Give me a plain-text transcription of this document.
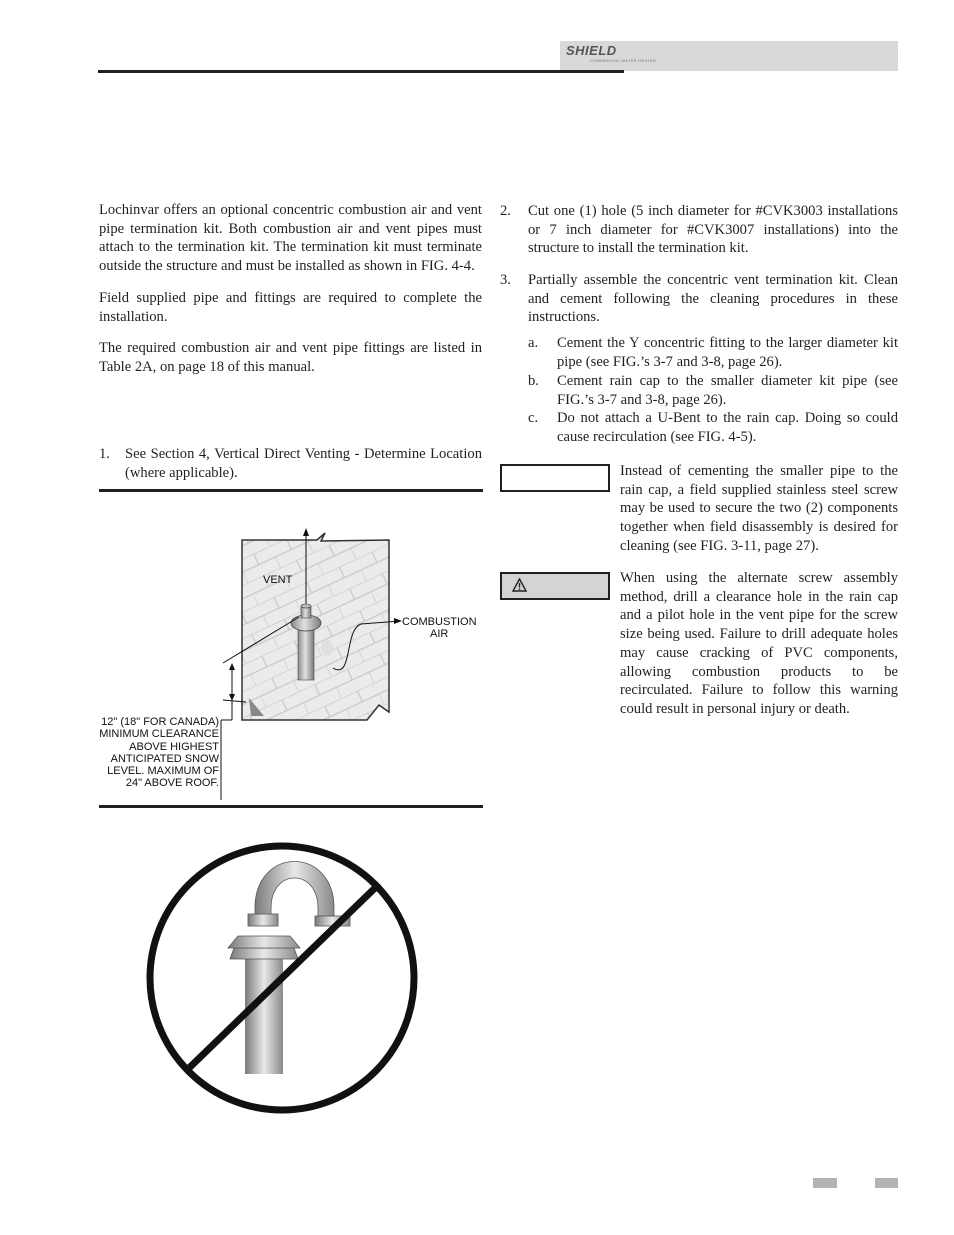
SHIELD
COMMERCIAL WATER HEATER

Lochinvar offers an optional concentric combustion air and vent pipe termination kit. Both combustion air and vent pipes must attach to the termination kit. The termination kit must terminate outside the structure and must be installed as shown in FIG. 4-4.

Field supplied pipe and fittings are required to complete the installation.

The required combustion air and vent pipe fittings are listed in Table 2A, on page 18 of this manual.

1. See Section 4, Vertical Direct Venting - Determine Location (where applicable).
VENT
COMBUSTION
AIR
12" (18" FOR CANADA)
MINIMUM CLEARANCE
ABOVE HIGHEST
ANTICIPATED SNOW
LEVEL. MAXIMUM OF
24" ABOVE ROOF.
2. Cut one (1) hole (5 inch diameter for #CVK3003 installations or 7 inch diameter for #CVK3007 installations) into the structure to install the termination kit.
3. Partially assemble the concentric vent termination kit. Clean and cement following the cleaning procedures in these instructions.
a. Cement the Y concentric fitting to the larger diameter kit pipe (see FIG.’s 3-7 and 3-8, page 26).
b. Cement rain cap to the smaller diameter kit pipe (see FIG.’s 3-7 and 3-8, page 26).
c. Do not attach a U-Bent to the rain cap. Doing so could cause recirculation (see FIG. 4-5).
Instead of cementing the smaller pipe to the rain cap, a field supplied stainless steel screw may be used to secure the two (2) components together when field disassembly is desired for cleaning (see FIG. 3-11, page 27).
When using the alternate screw assembly method, drill a clearance hole in the rain cap and a pilot hole in the vent pipe for the screw size being used. Failure to drill adequate holes may cause cracking of PVC components, allowing combustion products to be recirculated. Failure to follow this warning could result in personal injury or death.
